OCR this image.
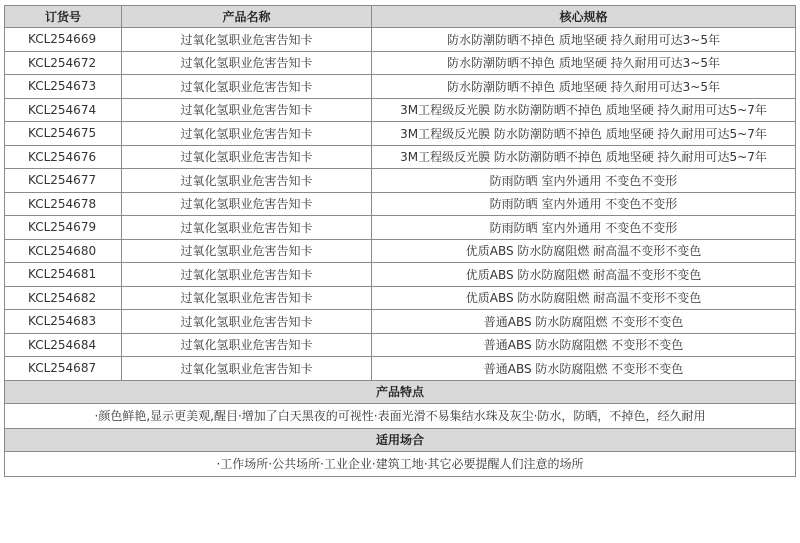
订货号	产品名称	核心规格
KCL254669	过氧化氢职业危害告知卡	防水防潮防晒不掉色 质地坚硬 持久耐用可达3~5年
KCL254672	过氧化氢职业危害告知卡	防水防潮防晒不掉色 质地坚硬 持久耐用可达3~5年
KCL254673	过氧化氢职业危害告知卡	防水防潮防晒不掉色 质地坚硬 持久耐用可达3~5年
KCL254674	过氧化氢职业危害告知卡	3M工程级反光膜 防水防潮防晒不掉色 质地坚硬 持久耐用可达5~7年
KCL254675	过氧化氢职业危害告知卡	3M工程级反光膜 防水防潮防晒不掉色 质地坚硬 持久耐用可达5~7年
KCL254676	过氧化氢职业危害告知卡	3M工程级反光膜 防水防潮防晒不掉色 质地坚硬 持久耐用可达5~7年
KCL254677	过氧化氢职业危害告知卡	防雨防晒 室内外通用 不变色不变形
KCL254678	过氧化氢职业危害告知卡	防雨防晒 室内外通用 不变色不变形
KCL254679	过氧化氢职业危害告知卡	防雨防晒 室内外通用 不变色不变形
KCL254680	过氧化氢职业危害告知卡	优质ABS 防水防腐阻燃 耐高温不变形不变色
KCL254681	过氧化氢职业危害告知卡	优质ABS 防水防腐阻燃 耐高温不变形不变色
KCL254682	过氧化氢职业危害告知卡	优质ABS 防水防腐阻燃 耐高温不变形不变色
KCL254683	过氧化氢职业危害告知卡	普通ABS 防水防腐阻燃 不变形不变色
KCL254684	过氧化氢职业危害告知卡	普通ABS 防水防腐阻燃 不变形不变色
KCL254687	过氧化氢职业危害告知卡	普通ABS 防水防腐阻燃 不变形不变色
产品特点		
·颜色鲜艳,显示更美观,醒目·增加了白天黑夜的可视性·表面光滑不易集结水珠及灰尘·防水，防晒，不掉色，经久耐用		
适用场合		
·工作场所·公共场所·工业企业·建筑工地·其它必要提醒人们注意的场所		
